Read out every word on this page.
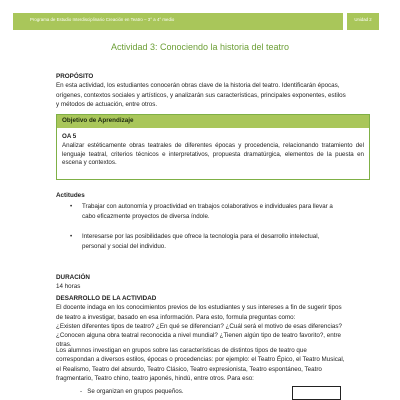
Programa de Estudio Interdisciplinario Creación en Teatro – 3° a 4° medio	Unidad 2
Actividad 3: Conociendo la historia del teatro
PROPÓSITO
En esta actividad, los estudiantes conocerán obras clave de la historia del teatro. Identificarán épocas,
orígenes, contextos sociales y artísticos, y analizarán sus características, principales exponentes, estilos
y métodos de actuación, entre otros.
Objetivo de Aprendizaje
OA 5
Analizar estéticamente obras teatrales de diferentes épocas y procedencia, relacionando tratamiento del lenguaje teatral, criterios técnicos e interpretativos, propuesta dramatúrgica, elementos de la puesta en escena y contextos.
Actitudes
• Trabajar con autonomía y proactividad en trabajos colaborativos e individuales para llevar a
cabo eficazmente proyectos de diversa índole.
• Interesarse por las posibilidades que ofrece la tecnología para el desarrollo intelectual,
personal y social del individuo.
DURACIÓN
14 horas
DESARROLLO DE LA ACTIVIDAD
El docente indaga en los conocimientos previos de los estudiantes y sus intereses a fin de sugerir tipos
de teatro a investigar, basado en esa información. Para esto, formula preguntas como:
¿Existen diferentes tipos de teatro? ¿En qué se diferencian? ¿Cuál será el motivo de esas diferencias?
¿Conocen alguna obra teatral reconocida a nivel mundial? ¿Tienen algún tipo de teatro favorito?, entre
otras.
Los alumnos investigan en grupos sobre las características de distintos tipos de teatro que
correspondan a diversos estilos, épocas o procedencias: por ejemplo: el Teatro Épico, el Teatro Musical,
el Realismo, Teatro del absurdo, Teatro Clásico, Teatro expresionista, Teatro espontáneo, Teatro
fragmentario, Teatro chino, teatro japonés, hindú, entre otros. Para eso:
-   Se organizan en grupos pequeños.
